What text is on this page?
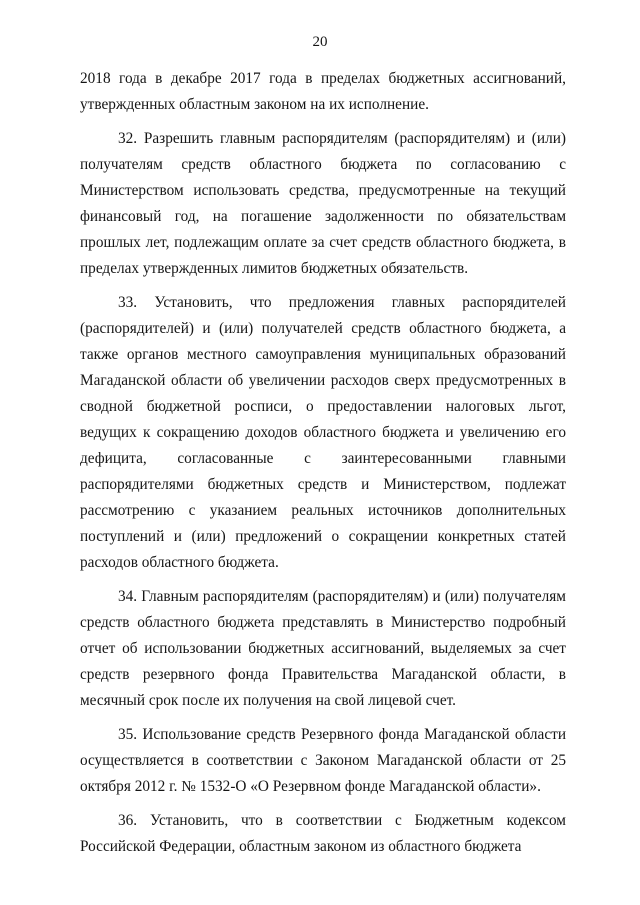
20

2018 года в декабре 2017 года в пределах бюджетных ассигнований, утвержденных областным законом на их исполнение.

32. Разрешить главным распорядителям (распорядителям) и (или) получателям средств областного бюджета по согласованию с Министерством использовать средства, предусмотренные на текущий финансовый год, на погашение задолженности по обязательствам прошлых лет, подлежащим оплате за счет средств областного бюджета, в пределах утвержденных лимитов бюджетных обязательств.

33. Установить, что предложения главных распорядителей (распорядителей) и (или) получателей средств областного бюджета, а также органов местного самоуправления муниципальных образований Магаданской области об увеличении расходов сверх предусмотренных в сводной бюджетной росписи, о предоставлении налоговых льгот, ведущих к сокращению доходов областного бюджета и увеличению его дефицита, согласованные с заинтересованными главными распорядителями бюджетных средств и Министерством, подлежат рассмотрению с указанием реальных источников дополнительных поступлений и (или) предложений о сокращении конкретных статей расходов областного бюджета.

34. Главным распорядителям (распорядителям) и (или) получателям средств областного бюджета представлять в Министерство подробный отчет об использовании бюджетных ассигнований, выделяемых за счет средств резервного фонда Правительства Магаданской области, в месячный срок после их получения на свой лицевой счет.

35. Использование средств Резервного фонда Магаданской области осуществляется в соответствии с Законом Магаданской области от 25 октября 2012 г. № 1532-О «О Резервном фонде Магаданской области».

36. Установить, что в соответствии с Бюджетным кодексом Российской Федерации, областным законом из областного бюджета
